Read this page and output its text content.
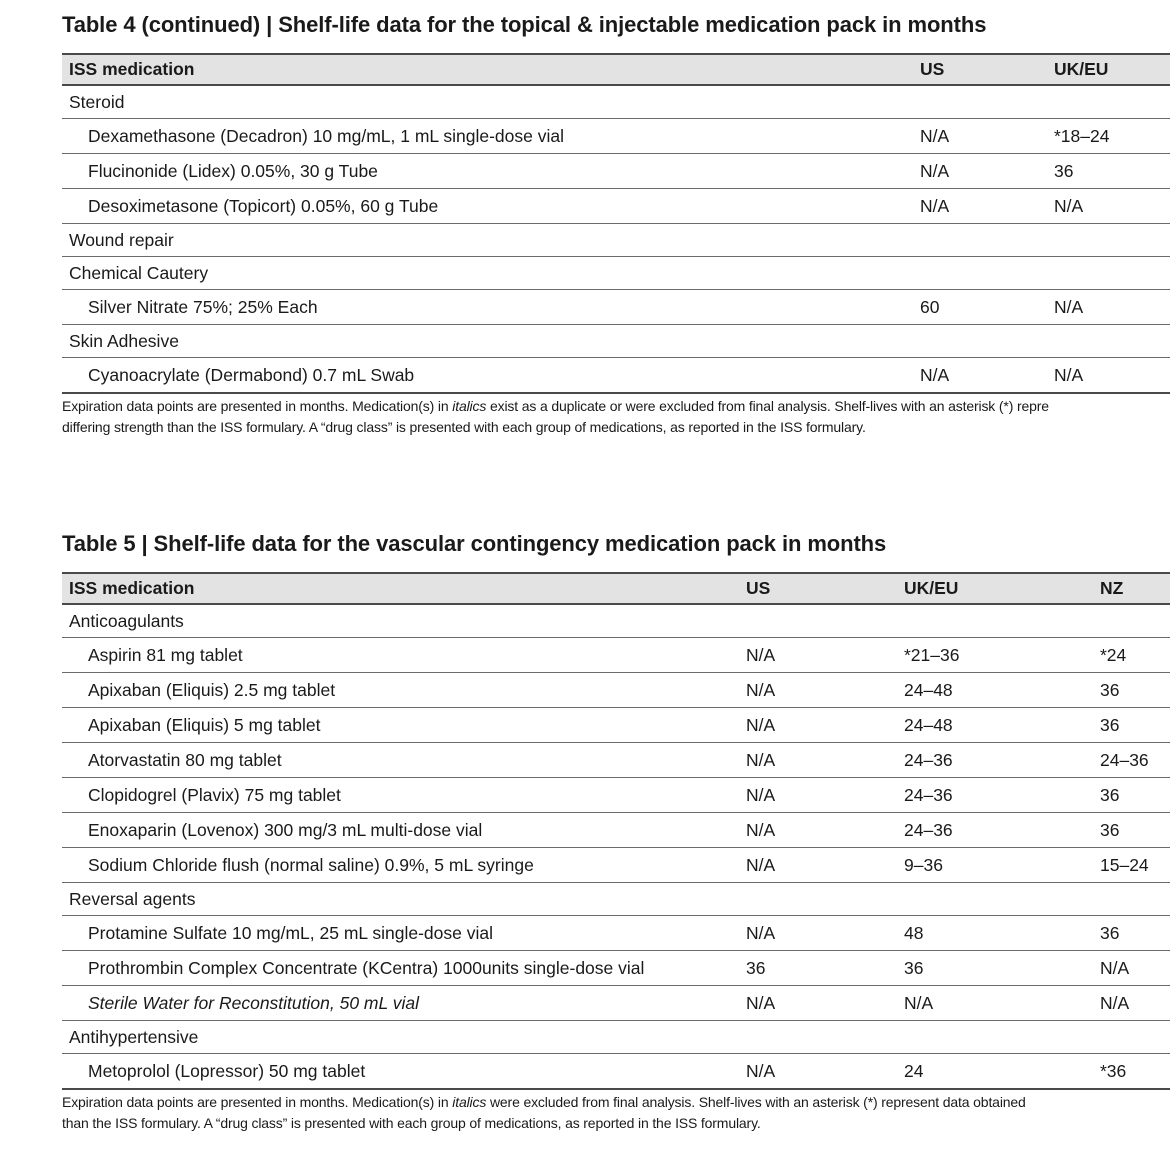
Table 4 (continued) | Shelf-life data for the topical & injectable medication pack in months
ISS medication	US	UK/EU
Steroid		
Dexamethasone (Decadron) 10 mg/mL, 1 mL single-dose vial	N/A	*18–24
Flucinonide (Lidex) 0.05%, 30 g Tube	N/A	36
Desoximetasone (Topicort) 0.05%, 60 g Tube	N/A	N/A
Wound repair		
Chemical Cautery		
Silver Nitrate 75%; 25% Each	60	N/A
Skin Adhesive		
Cyanoacrylate (Dermabond) 0.7 mL Swab	N/A	N/A

Expiration data points are presented in months. Medication(s) in italics exist as a duplicate or were excluded from final analysis. Shelf-lives with an asterisk (*) repre

differing strength than the ISS formulary. A “drug class” is presented with each group of medications, as reported in the ISS formulary.

Table 5 | Shelf-life data for the vascular contingency medication pack in months
ISS medication	US	UK/EU	NZ
Anticoagulants			
Aspirin 81 mg tablet	N/A	*21–36	*24
Apixaban (Eliquis) 2.5 mg tablet	N/A	24–48	36
Apixaban (Eliquis) 5 mg tablet	N/A	24–48	36
Atorvastatin 80 mg tablet	N/A	24–36	24–36
Clopidogrel (Plavix) 75 mg tablet	N/A	24–36	36
Enoxaparin (Lovenox) 300 mg/3 mL multi-dose vial	N/A	24–36	36
Sodium Chloride flush (normal saline) 0.9%, 5 mL syringe	N/A	9–36	15–24
Reversal agents			
Protamine Sulfate 10 mg/mL, 25 mL single-dose vial	N/A	48	36
Prothrombin Complex Concentrate (KCentra) 1000units single-dose vial	36	36	N/A
Sterile Water for Reconstitution, 50 mL vial	N/A	N/A	N/A
Antihypertensive			
Metoprolol (Lopressor) 50 mg tablet	N/A	24	*36

Expiration data points are presented in months. Medication(s) in italics were excluded from final analysis. Shelf-lives with an asterisk (*) represent data obtained

than the ISS formulary. A “drug class” is presented with each group of medications, as reported in the ISS formulary.
